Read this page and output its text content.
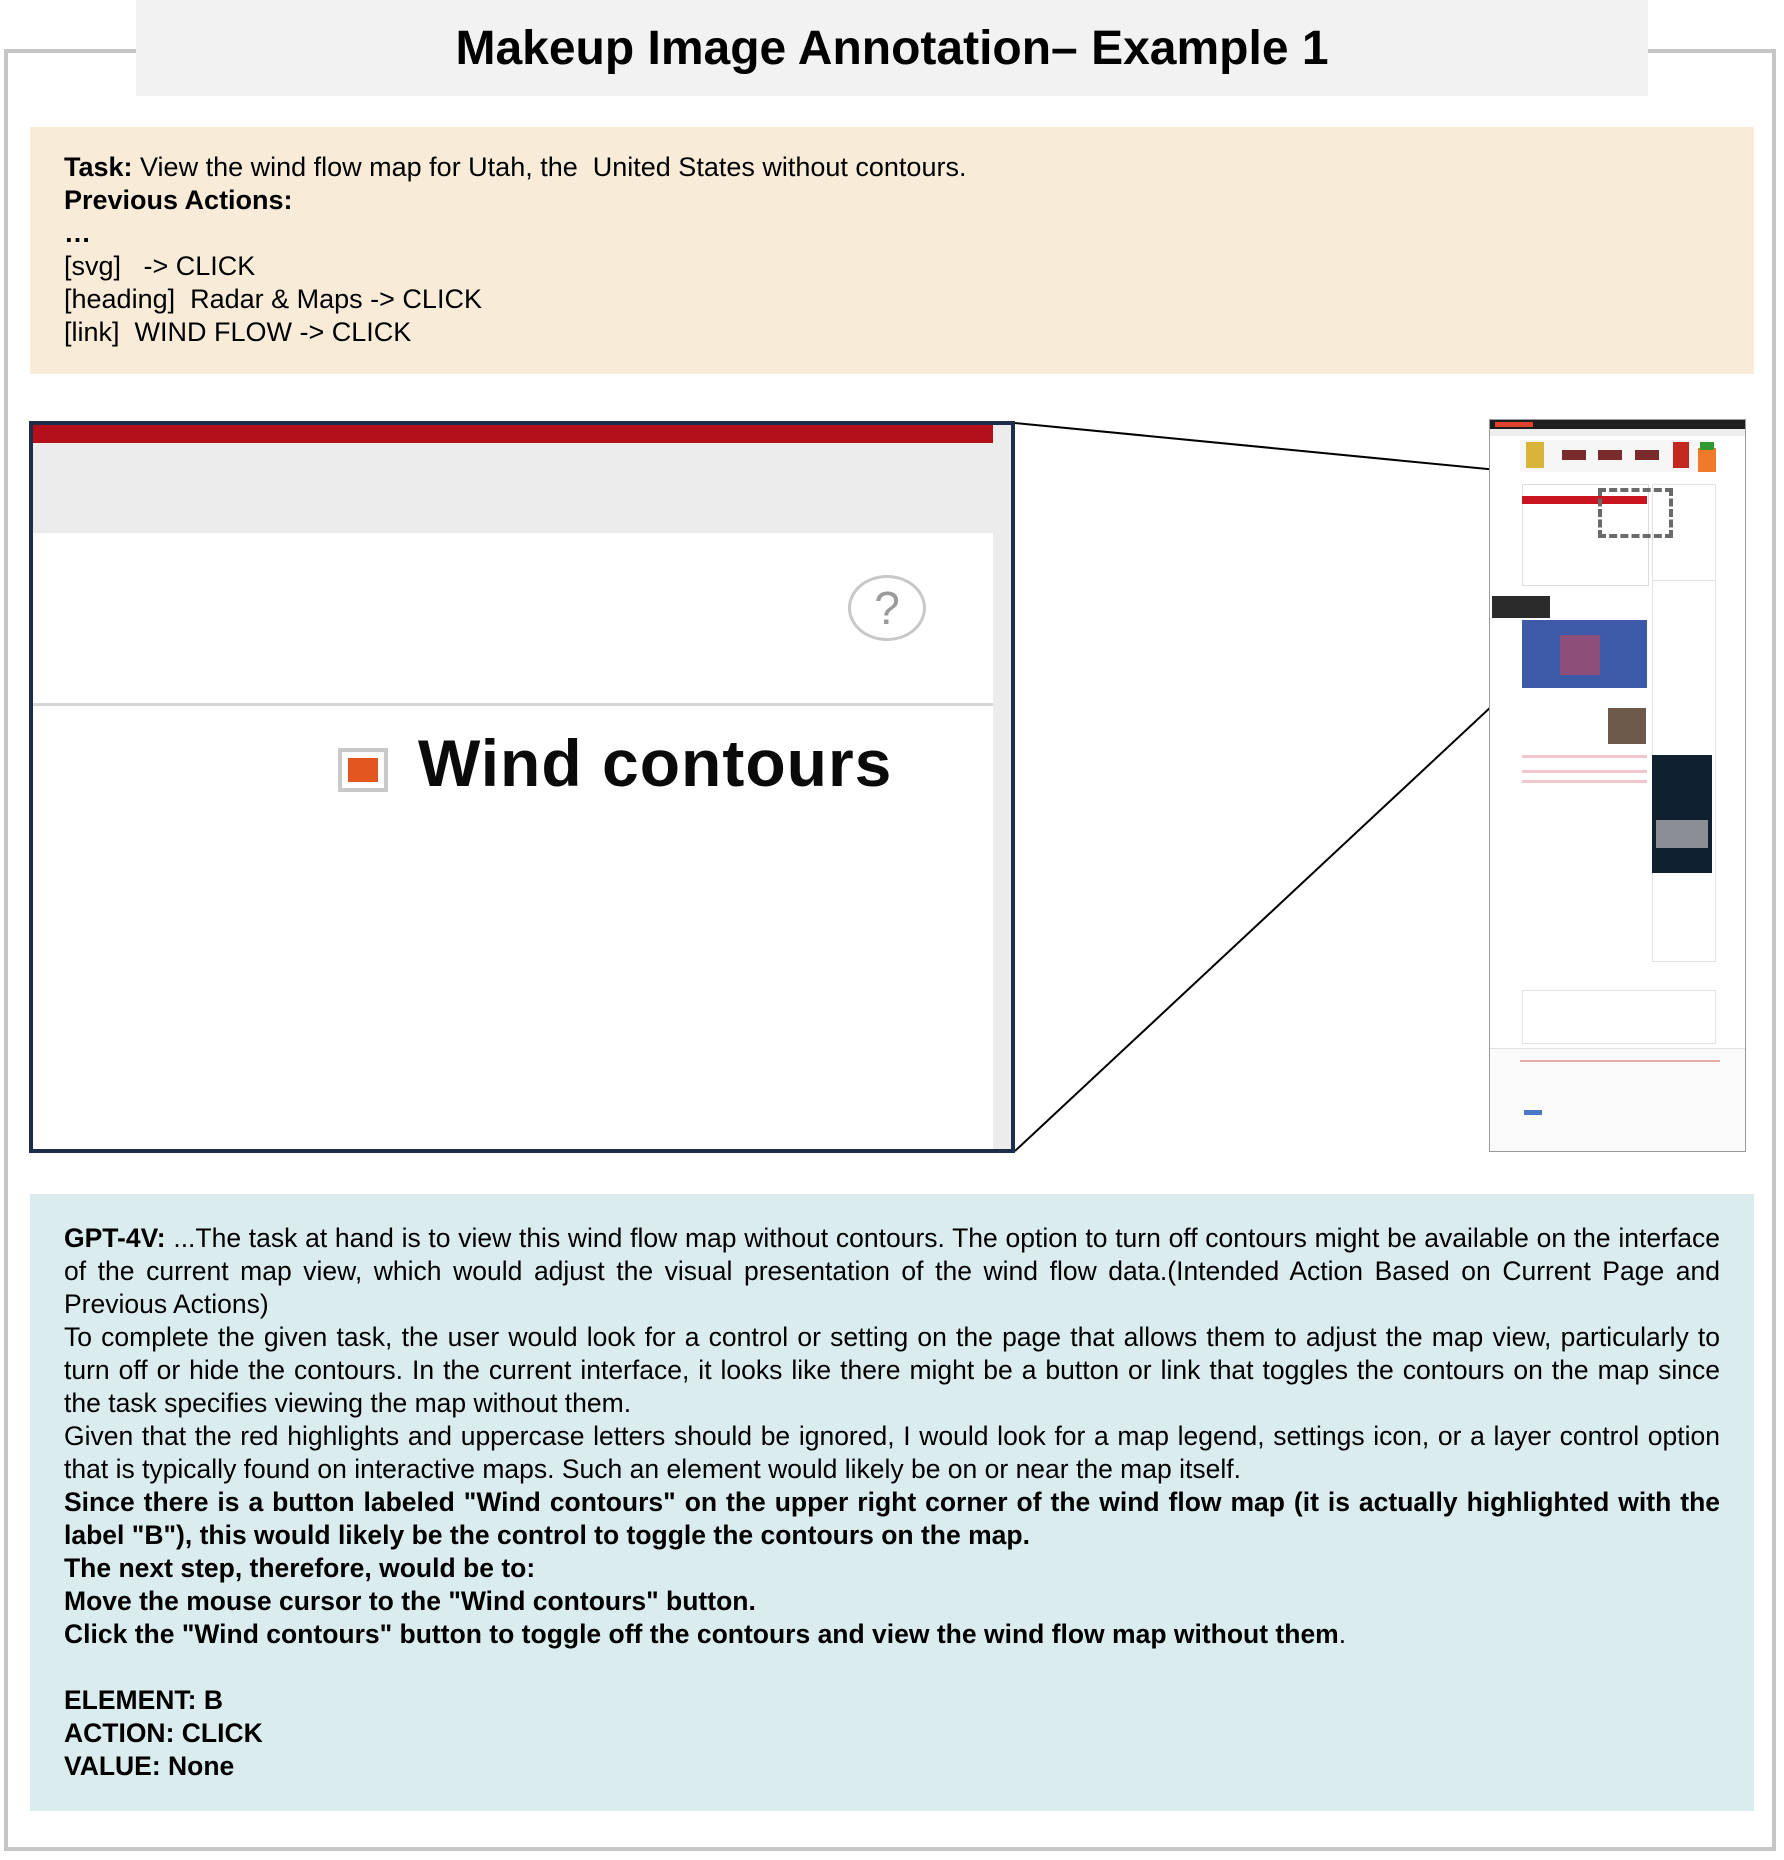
Makeup Image Annotation– Example 1
Task: View the wind flow map for Utah, the  United States without contours.
Previous Actions:
…
[svg]   -> CLICK
[heading]  Radar & Maps -> CLICK
[link]  WIND FLOW -> CLICK
?
Wind contours

GPT-4V: ...The task at hand is to view this wind flow map without contours. The option to turn off contours might be available on the interface of the current map view, which would adjust the visual presentation of the wind flow data.(Intended Action Based on Current Page and Previous Actions)

To complete the given task, the user would look for a control or setting on the page that allows them to adjust the map view, particularly to turn off or hide the contours. In the current interface, it looks like there might be a button or link that toggles the contours on the map since the task specifies viewing the map without them.

Given that the red highlights and uppercase letters should be ignored, I would look for a map legend, settings icon, or a layer control option that is typically found on interactive maps. Such an element would likely be on or near the map itself.

Since there is a button labeled "Wind contours" on the upper right corner of the wind flow map (it is actually highlighted with the label "B"), this would likely be the control to toggle the contours on the map.

The next step, therefore, would be to:

Move the mouse cursor to the "Wind contours" button.

Click the "Wind contours" button to toggle off the contours and view the wind flow map without them.

ELEMENT: B

ACTION: CLICK

VALUE: None
